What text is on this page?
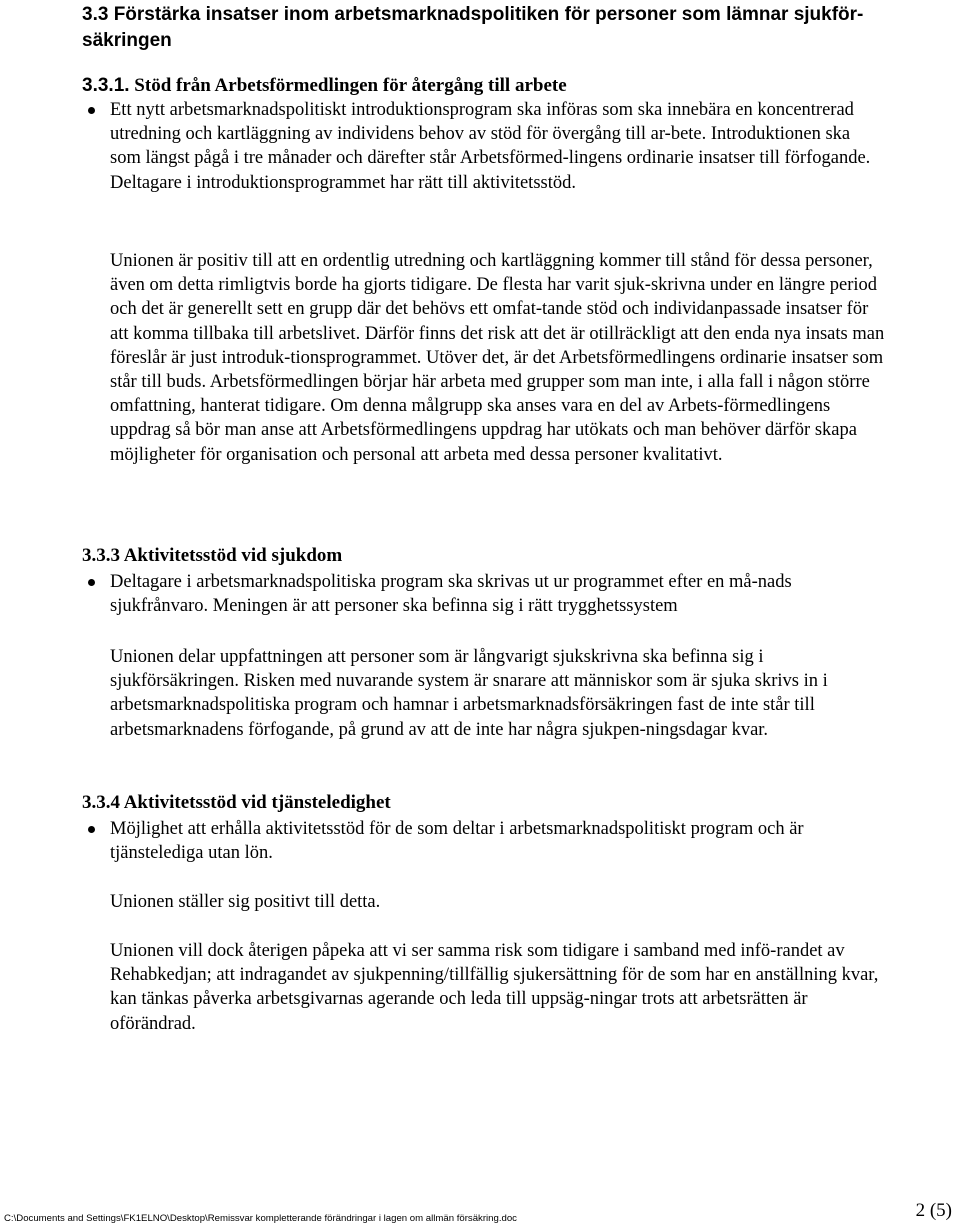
3.3 Förstärka insatser inom arbetsmarknadspolitiken för personer som lämnar sjukför-säkringen
3.3.1. Stöd från Arbetsförmedlingen för återgång till arbete
Ett nytt arbetsmarknadspolitiskt introduktionsprogram ska införas som ska innebära en koncentrerad utredning och kartläggning av individens behov av stöd för övergång till ar-bete. Introduktionen ska som längst pågå i tre månader och därefter står Arbetsförmed-lingens ordinarie insatser till förfogande. Deltagare i introduktionsprogrammet har rätt till aktivitetsstöd.
Unionen är positiv till att en ordentlig utredning och kartläggning kommer till stånd för dessa personer, även om detta rimligtvis borde ha gjorts tidigare. De flesta har varit sjuk-skrivna under en längre period och det är generellt sett en grupp där det behövs ett omfat-tande stöd och individanpassade insatser för att komma tillbaka till arbetslivet. Därför finns det risk att det är otillräckligt att den enda nya insats man föreslår är just introduk-tionsprogrammet. Utöver det, är det Arbetsförmedlingens ordinarie insatser som står till buds. Arbetsförmedlingen börjar här arbeta med grupper som man inte, i alla fall i någon större omfattning, hanterat tidigare. Om denna målgrupp ska anses vara en del av Arbets-förmedlingens uppdrag så bör man anse att Arbetsförmedlingens uppdrag har utökats och man behöver därför skapa möjligheter för organisation och personal att arbeta med dessa personer kvalitativt.
3.3.3 Aktivitetsstöd vid sjukdom
Deltagare i arbetsmarknadspolitiska program ska skrivas ut ur programmet efter en må-nads sjukfrånvaro. Meningen är att personer ska befinna sig i rätt trygghetssystem
Unionen delar uppfattningen att personer som är långvarigt sjukskrivna ska befinna sig i sjukförsäkringen. Risken med nuvarande system är snarare att människor som är sjuka skrivs in i arbetsmarknadspolitiska program och hamnar i arbetsmarknadsförsäkringen fast de inte står till arbetsmarknadens förfogande, på grund av att de inte har några sjukpen-ningsdagar kvar.
3.3.4 Aktivitetsstöd vid tjänsteledighet
Möjlighet att erhålla aktivitetsstöd för de som deltar i arbetsmarknadspolitiskt program och är tjänstelediga utan lön.
Unionen ställer sig positivt till detta.
Unionen vill dock återigen påpeka att vi ser samma risk som tidigare i samband med infö-randet av Rehabkedjan; att indragandet av sjukpenning/tillfällig sjukersättning för de som har en anställning kvar, kan tänkas påverka arbetsgivarnas agerande och leda till uppsäg-ningar trots att arbetsrätten är oförändrad.
C:\Documents and Settings\FK1ELNO\Desktop\Remissvar kompletterande förändringar i lagen om allmän försäkring.doc	2 (5)
